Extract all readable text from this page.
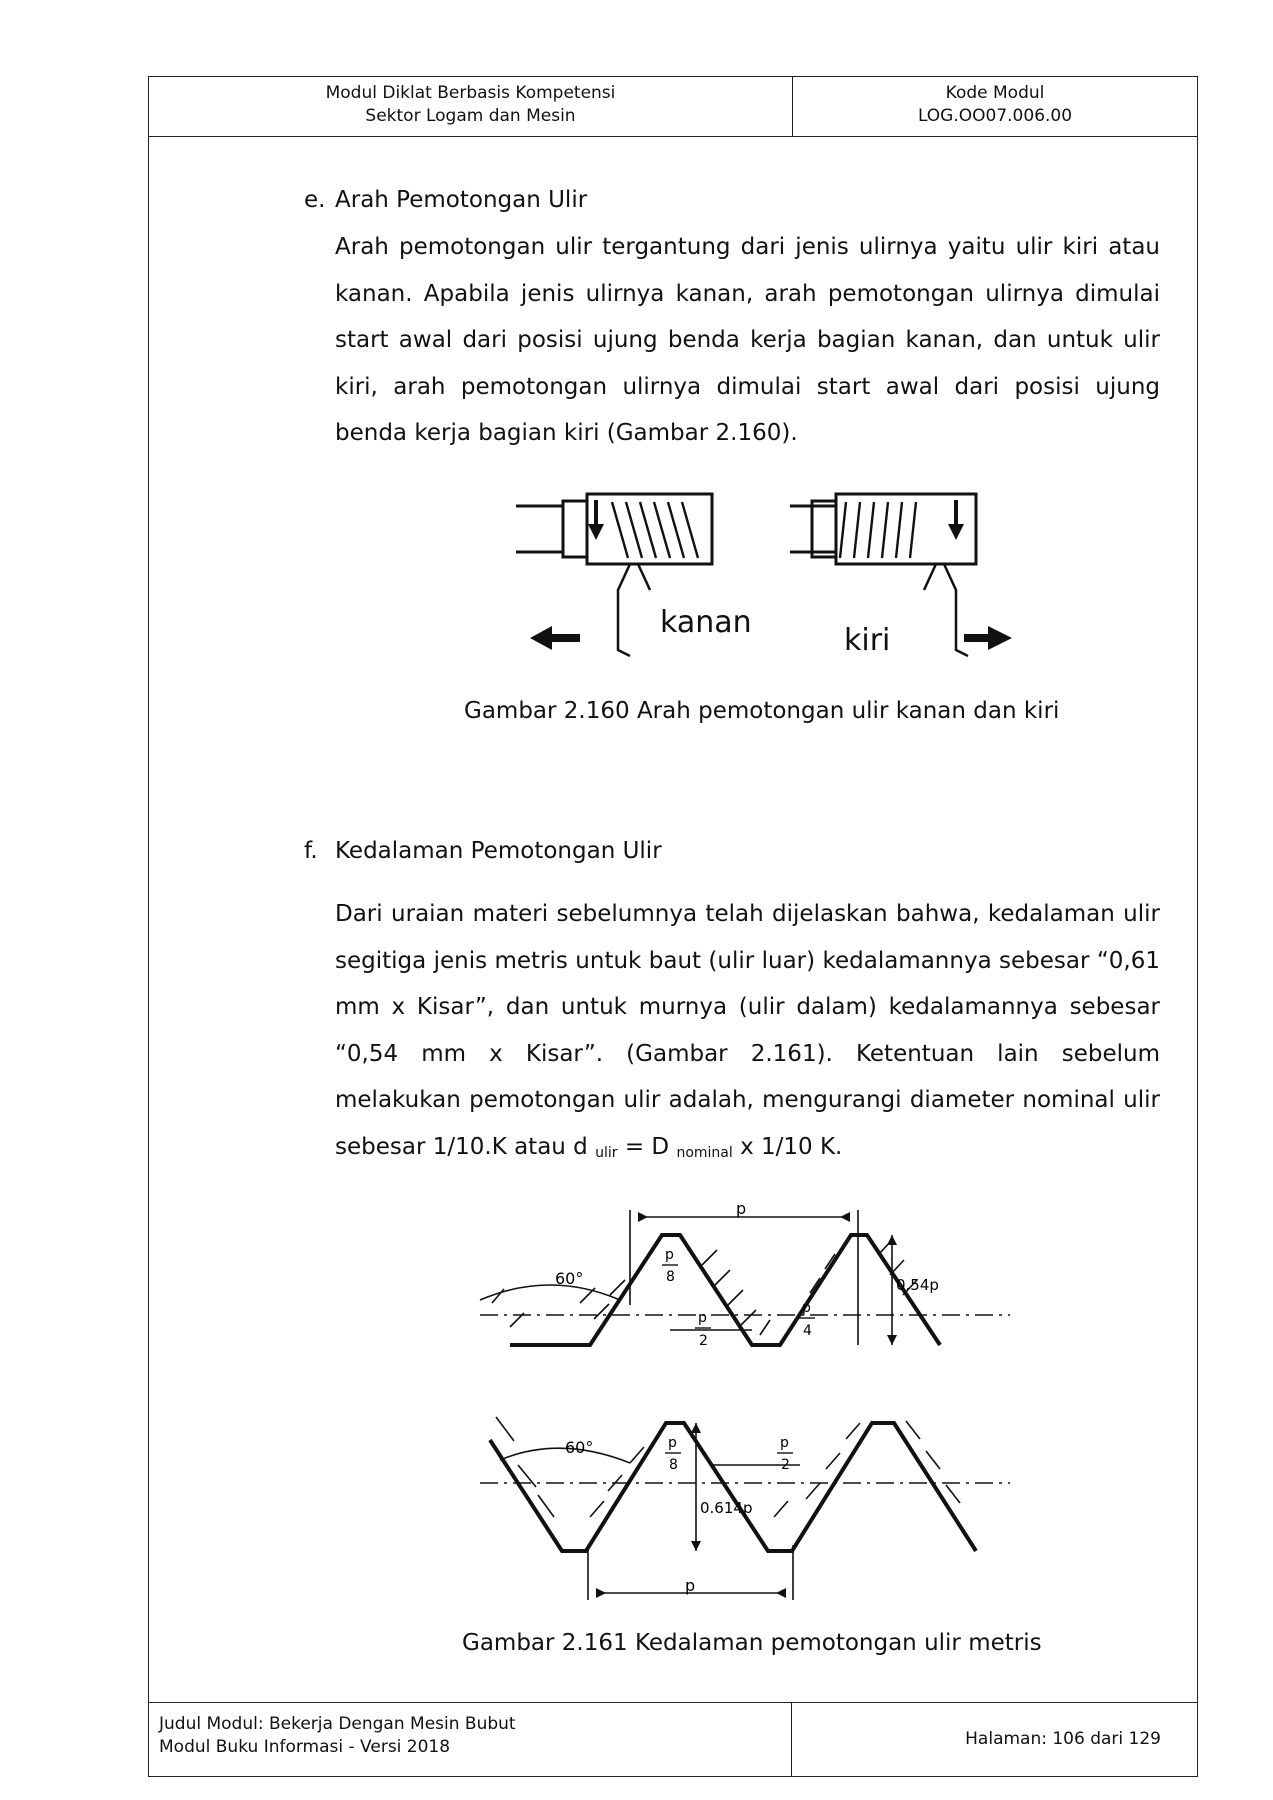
Modul Diklat Berbasis Kompetensi
Sektor Logam dan Mesin
Kode Modul
LOG.OO07.006.00
Judul Modul: Bekerja Dengan Mesin Bubut
Modul Buku Informasi - Versi 2018	Halaman: 106 dari 129
e. Arah Pemotongan Ulir
Arah pemotongan ulir tergantung dari jenis ulirnya yaitu ulir kiri atau kanan. Apabila jenis ulirnya kanan, arah pemotongan ulirnya dimulai start awal dari posisi ujung benda kerja bagian kanan, dan untuk ulir kiri, arah pemotongan ulirnya dimulai start awal dari posisi ujung benda kerja bagian kiri (Gambar 2.160).
kanan
kiri
Gambar 2.160 Arah pemotongan ulir kanan dan kiri
f. Kedalaman Pemotongan Ulir
Dari uraian materi sebelumnya telah dijelaskan bahwa, kedalaman ulir segitiga jenis metris untuk baut (ulir luar) kedalamannya sebesar “0,61 mm x Kisar”, dan untuk murnya (ulir dalam) kedalamannya sebesar “0,54 mm x Kisar”. (Gambar 2.161). Ketentuan lain sebelum melakukan pemotongan ulir adalah, mengurangi diameter nominal ulir sebesar 1/10.K atau d $_{ulir}$ = D $_{nominal}$ x 1/10 K.
p
60°
p
8
p
2
p
4
0.54p
p
60°	p
8
p
2
0.614p
Gambar 2.161 Kedalaman pemotongan ulir metris
